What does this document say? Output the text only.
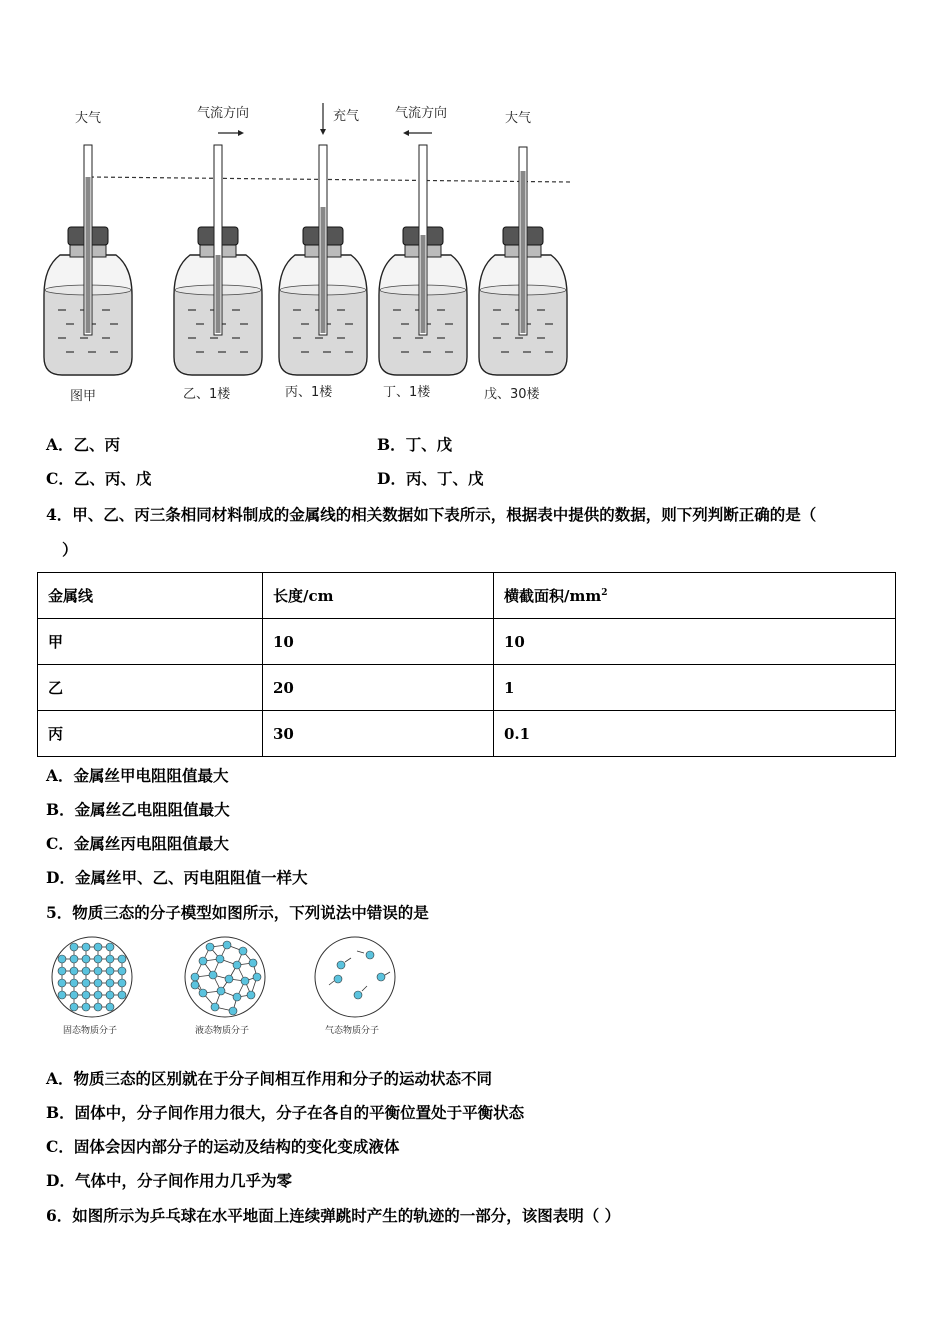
大气	气流方向	充气	气流方向	大气
图甲	乙、1楼	丙、1楼	丁、1楼	戊、30楼
A．乙、丙	B．丁、戊
C．乙、丙、戊	D．丙、丁、戊
4．甲、乙、丙三条相同材料制成的金属线的相关数据如下表所示，根据表中提供的数据，则下列判断正确的是（
）
金属线	长度/cm	横截面积$/mm^2$
甲	10	10
乙	20	1
丙	30	0.1
A．金属丝甲电阻阻值最大
B．金属丝乙电阻阻值最大
C．金属丝丙电阻阻值最大
D．金属丝甲、乙、丙电阻阻值一样大
5．物质三态的分子模型如图所示，下列说法中错误的是
固态物质分子	液态物质分子	气态物质分子
A．物质三态的区别就在于分子间相互作用和分子的运动状态不同
B．固体中，分子间作用力很大，分子在各自的平衡位置处于平衡状态
C．固体会因内部分子的运动及结构的变化变成液体
D．气体中，分子间作用力几乎为零
6．如图所示为乒乓球在水平地面上连续弹跳时产生的轨迹的一部分，该图表明（ ）
